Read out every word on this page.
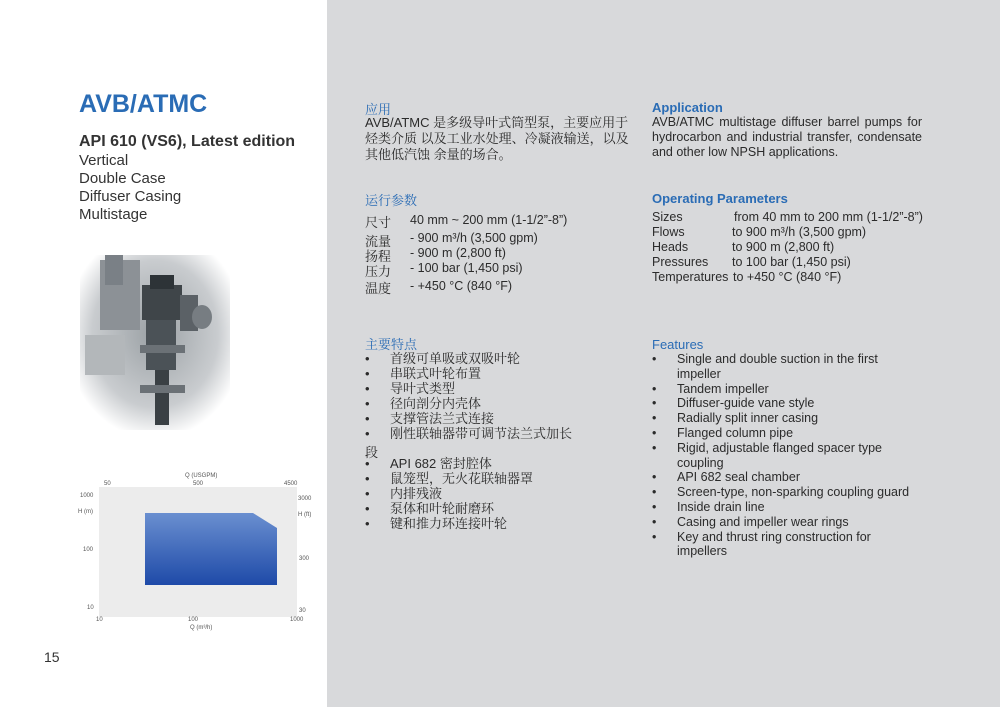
AVB/ATMC
API 610 (VS6), Latest edition
Vertical
Double Case
Diffuser Casing
Multistage
Q (USGPM)
50	500	4500
1000
H (m)
100
10
3000
H (ft)
300
30
10	100	1000
Q (m³/h)
15
应用
AVB/ATMC 是多级导叶式筒型泵，主要应用于烃类介质 以及工业水处理、冷凝液输送，以及其他低汽蚀 余量的场合。
运行参数
尺寸 40 mm ~ 200 mm (1-1/2”-8”)
流量 - 900 m³/h (3,500 gpm)
扬程 - 900 m (2,800 ft)
压力 - 100 bar (1,450 psi)
温度 - +450 °C (840 °F)
主要特点
• 首级可单吸或双吸叶轮
• 串联式叶轮布置
• 导叶式类型
• 径向剖分内壳体
• 支撑管法兰式连接
• 刚性联轴器带可调节法兰式加长
段
• API 682 密封腔体
• 鼠笼型，无火花联轴器罩
• 内排残液
• 泵体和叶轮耐磨环
• 键和推力环连接叶轮
Application
AVB/ATMC multistage diffuser barrel pumps for hydrocarbon and industrial transfer, condensate and other low NPSH applications.
Operating Parameters
Sizes	from 40 mm to 200 mm (1-1/2”-8”)
Flows	to 900 m³/h (3,500 gpm)
Heads	to 900 m (2,800 ft)
Pressures to 100 bar (1,450 psi)
Temperatures to +450 °C (840 °F)
Features
• Single and double suction in the first impeller
• Tandem impeller
• Diffuser-guide vane style
• Radially split inner casing
• Flanged column pipe
• Rigid, adjustable flanged spacer type coupling
• API 682 seal chamber
• Screen-type, non-sparking coupling guard
• Inside drain line
• Casing and impeller wear rings
• Key and thrust ring construction for impellers
